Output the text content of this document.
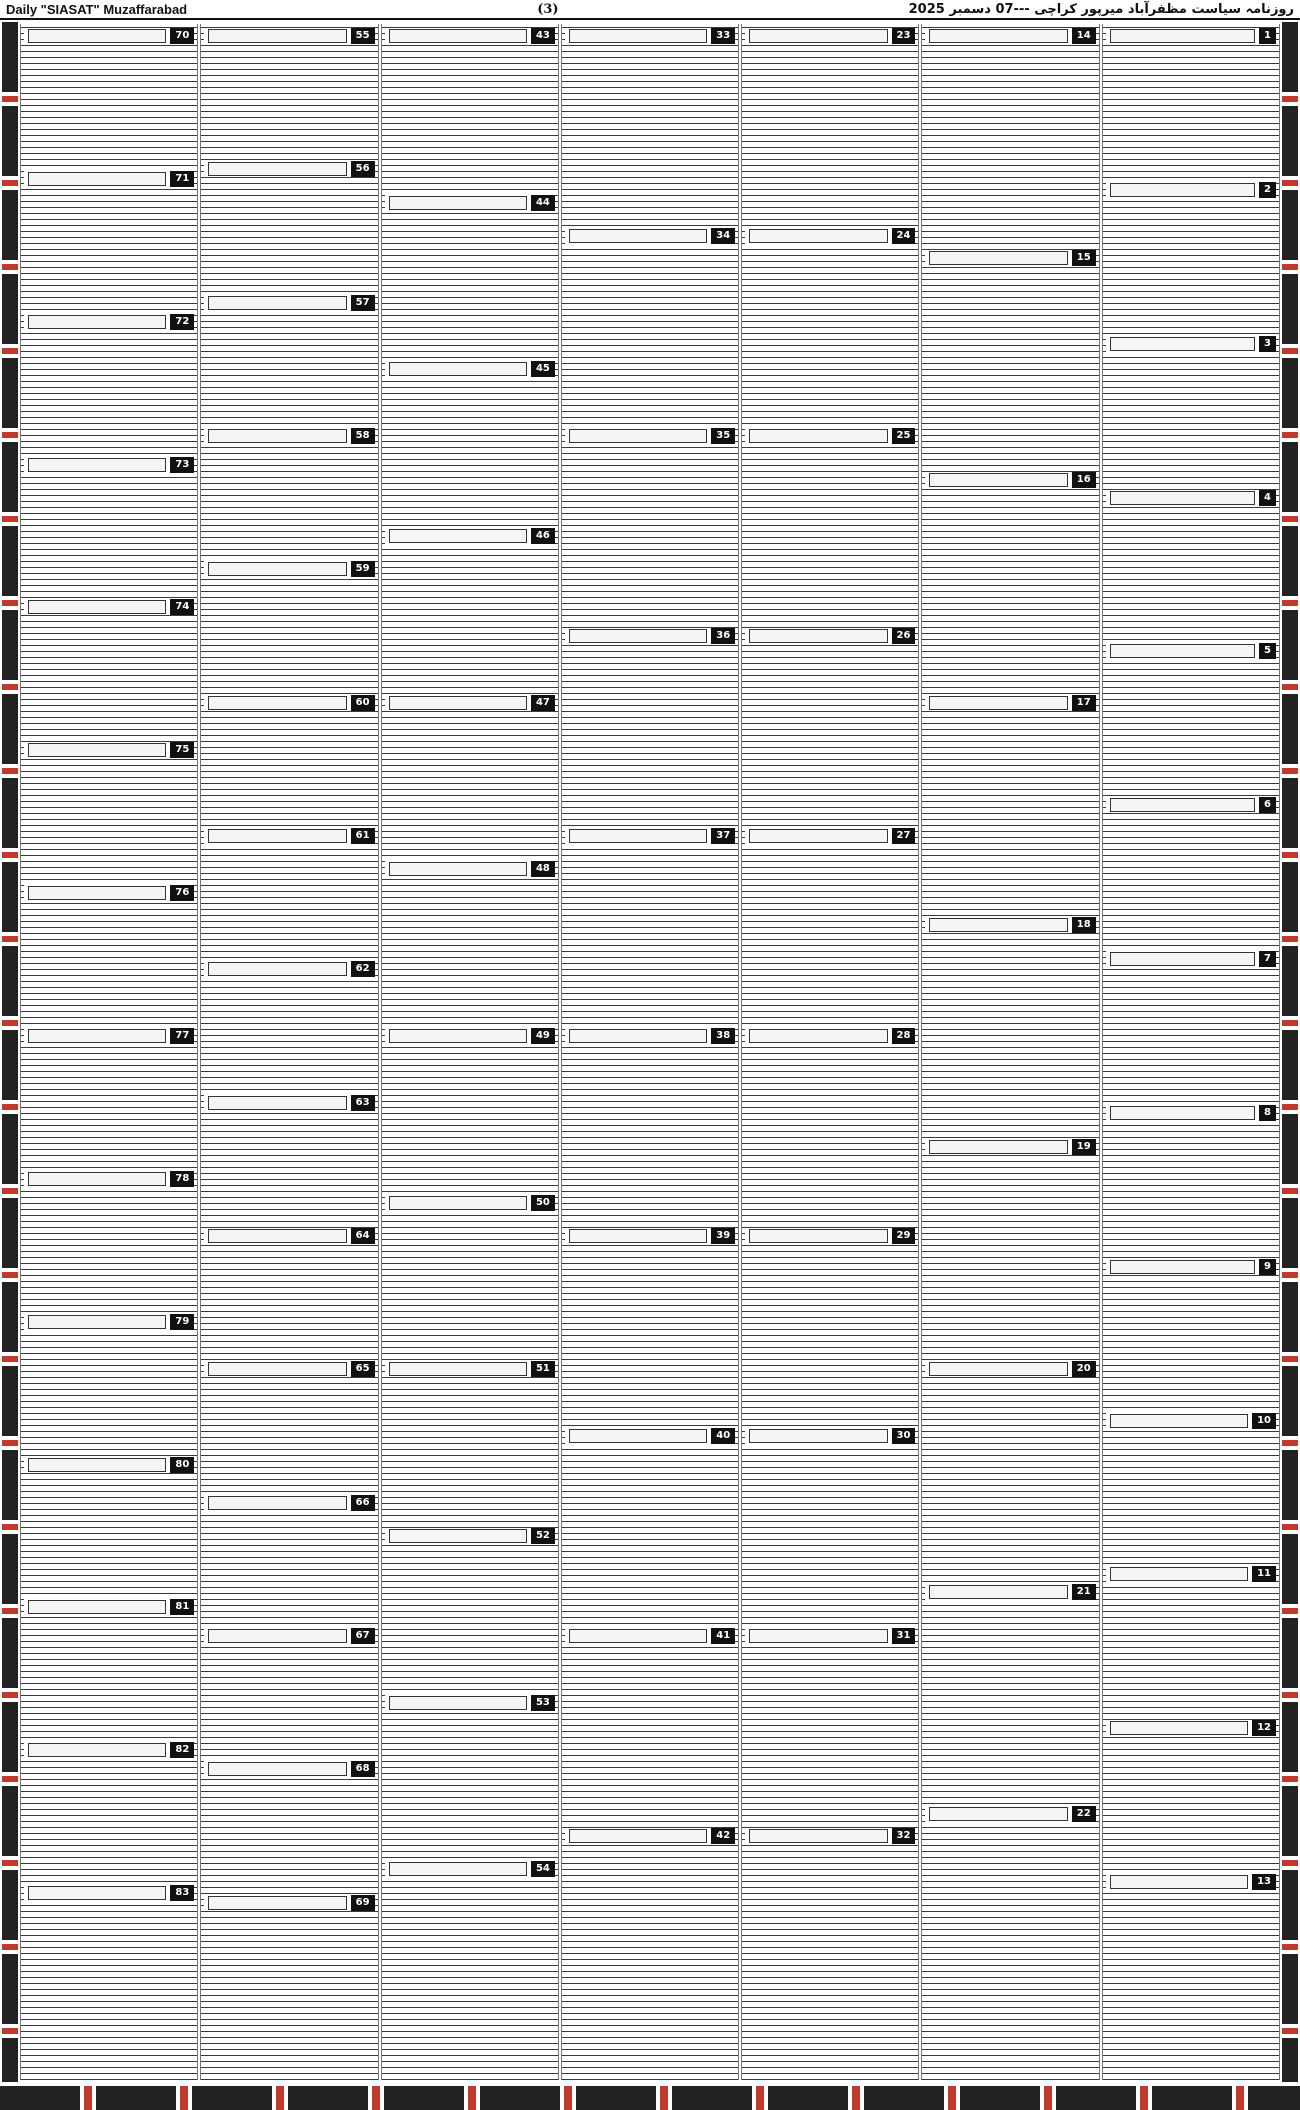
Daily "SIASAT" Muzaffarabad	(3)	روزنامہ سیاست مظفرآباد میرپور کراچی ---07 دسمبر 2025
1
2
3
4
5
6
7
8
9
10
11
12
13
14
15
16
17
18
19
20
21
22
23
24
25
26
27
28
29
30
31
32
33
34
35
36
37
38
39
40
41
42
43
44
45
46
47
48
49
50
51
52
53
54
55
56
57
58
59
60
61
62
63
64
65
66
67
68
69
70
71
72
73
74
75
76
77
78
79
80
81
82
83
